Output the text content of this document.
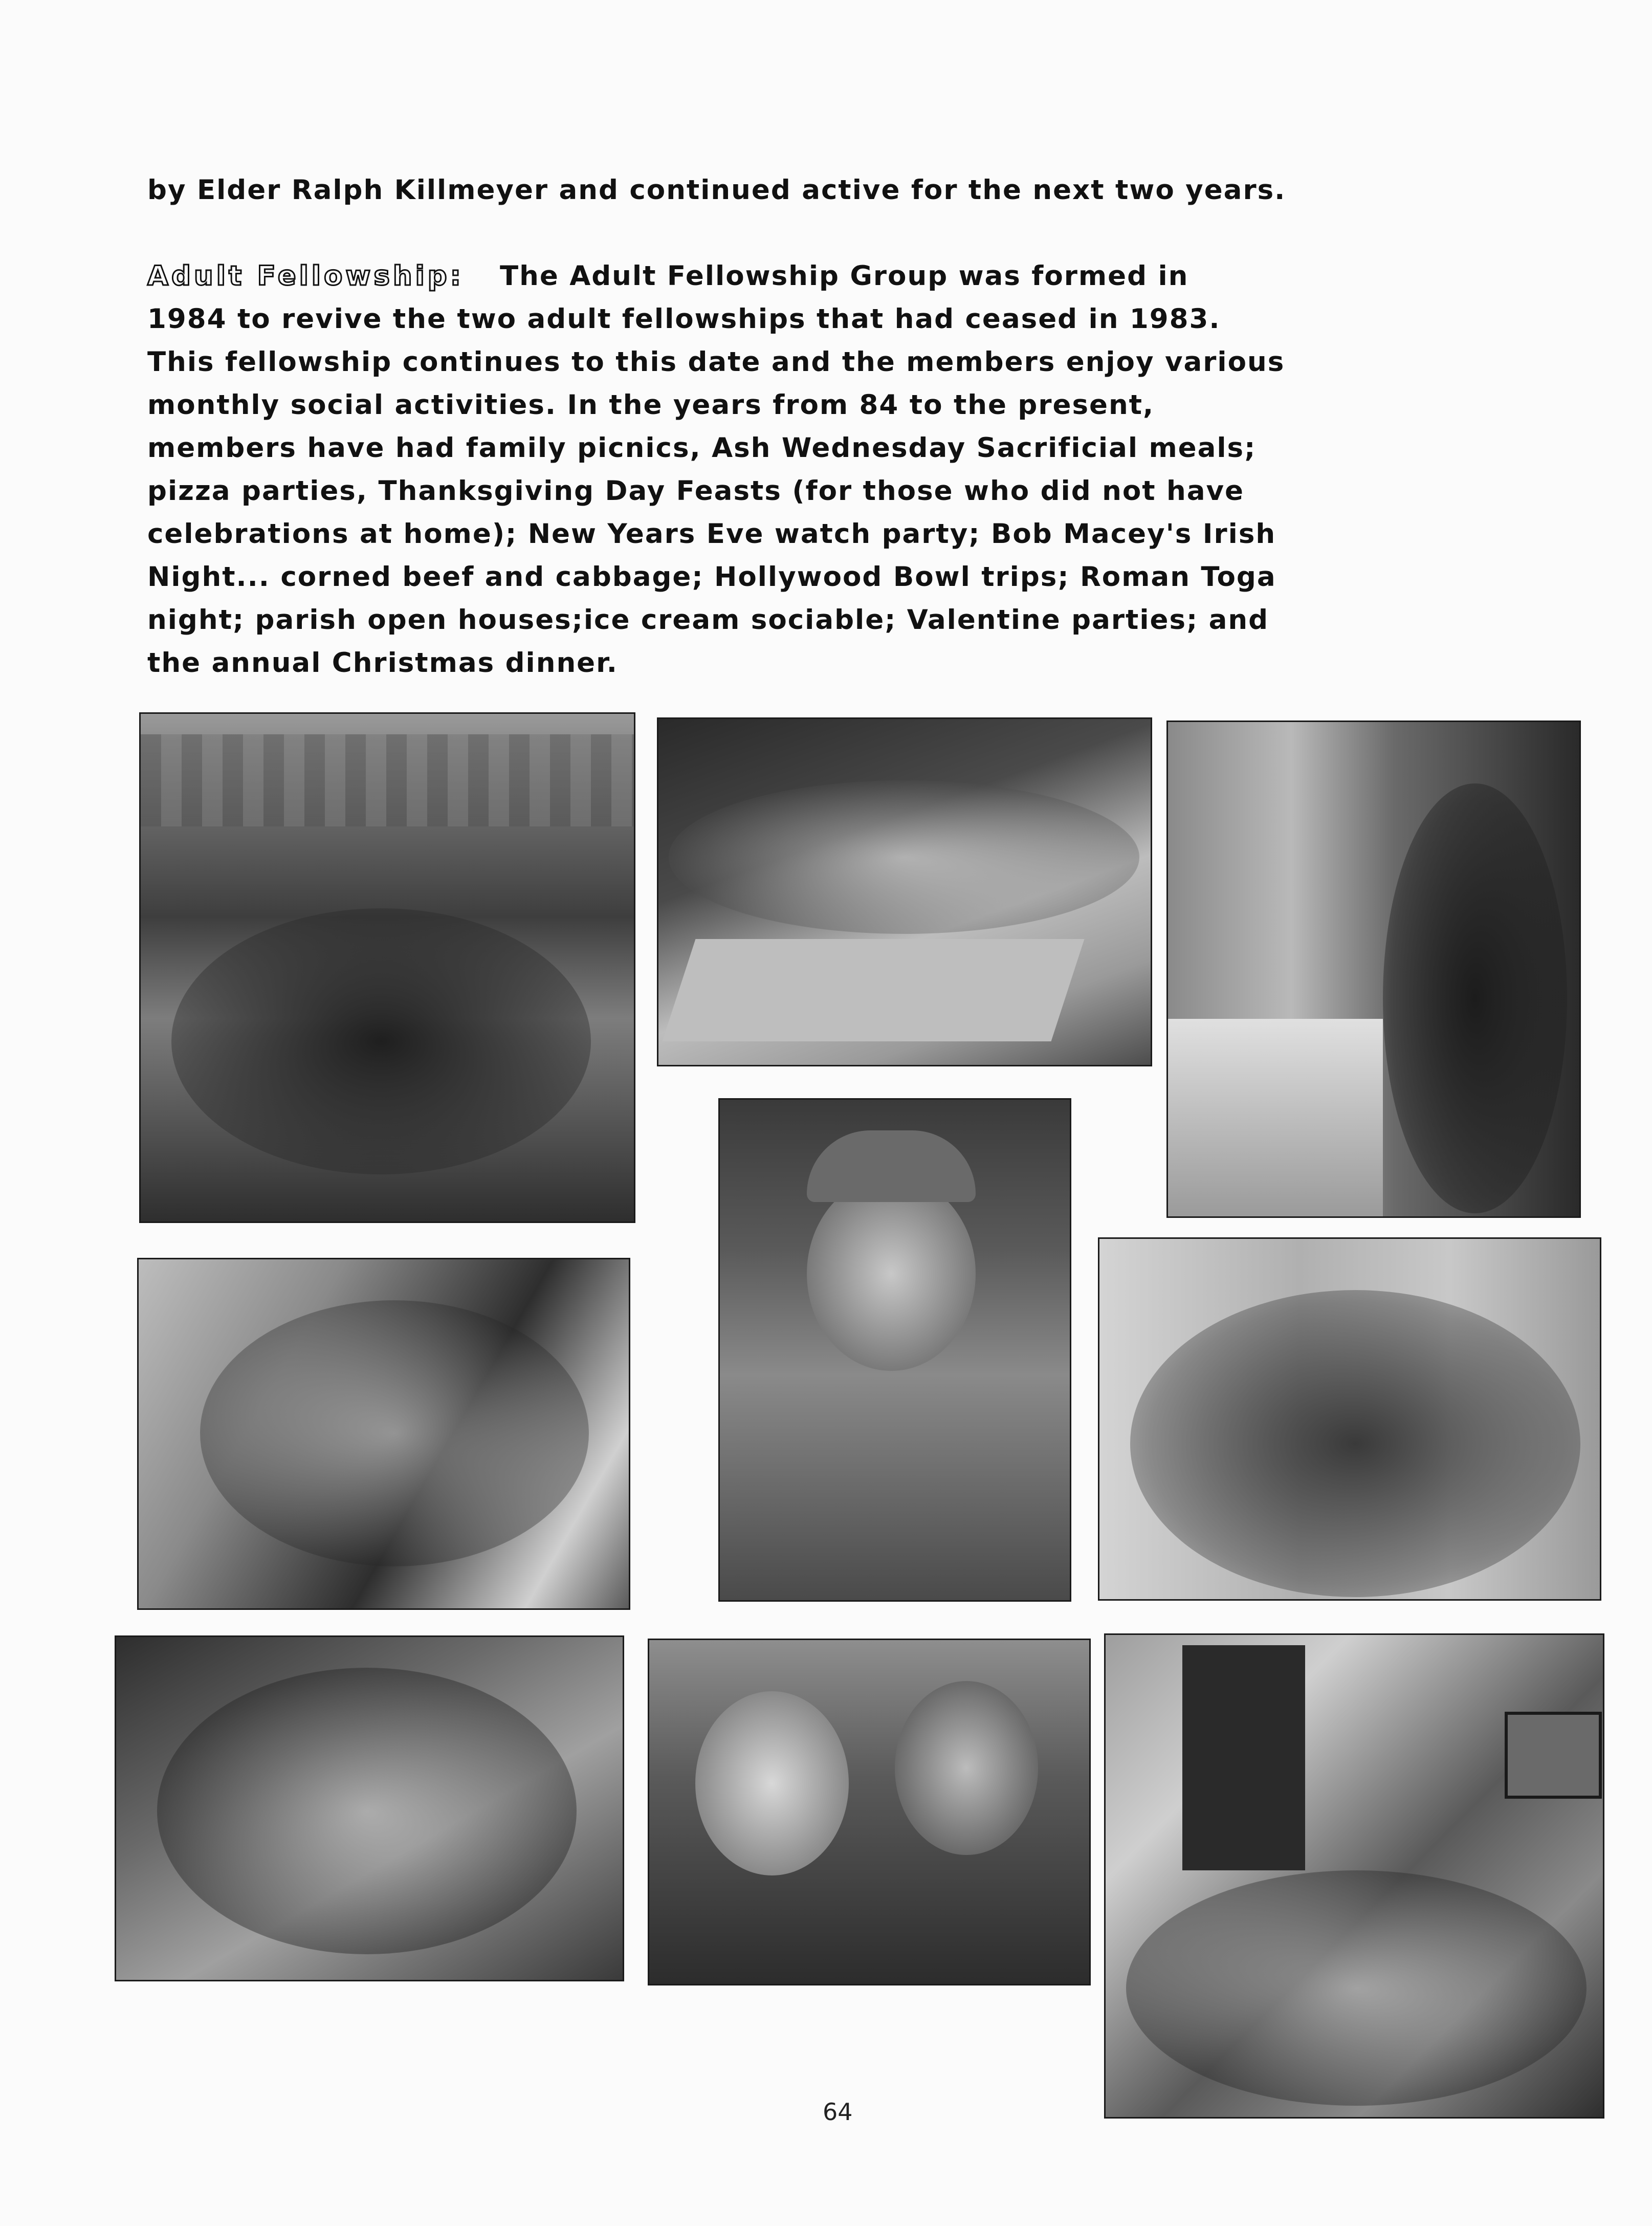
by Elder Ralph Killmeyer and continued active for the next two years.
Adult Fellowship: The Adult Fellowship Group was formed in
1984 to revive the two adult fellowships that had ceased in 1983.
This fellowship continues to this date and the members enjoy various
monthly social activities. In the years from 84 to the present,
members have had family picnics, Ash Wednesday Sacrificial meals;
pizza parties, Thanksgiving Day Feasts (for those who did not have
celebrations at home); New Years Eve watch party; Bob Macey's Irish
Night... corned beef and cabbage; Hollywood Bowl trips; Roman Toga
night; parish open houses;ice cream sociable; Valentine parties; and
the annual Christmas dinner.
64
